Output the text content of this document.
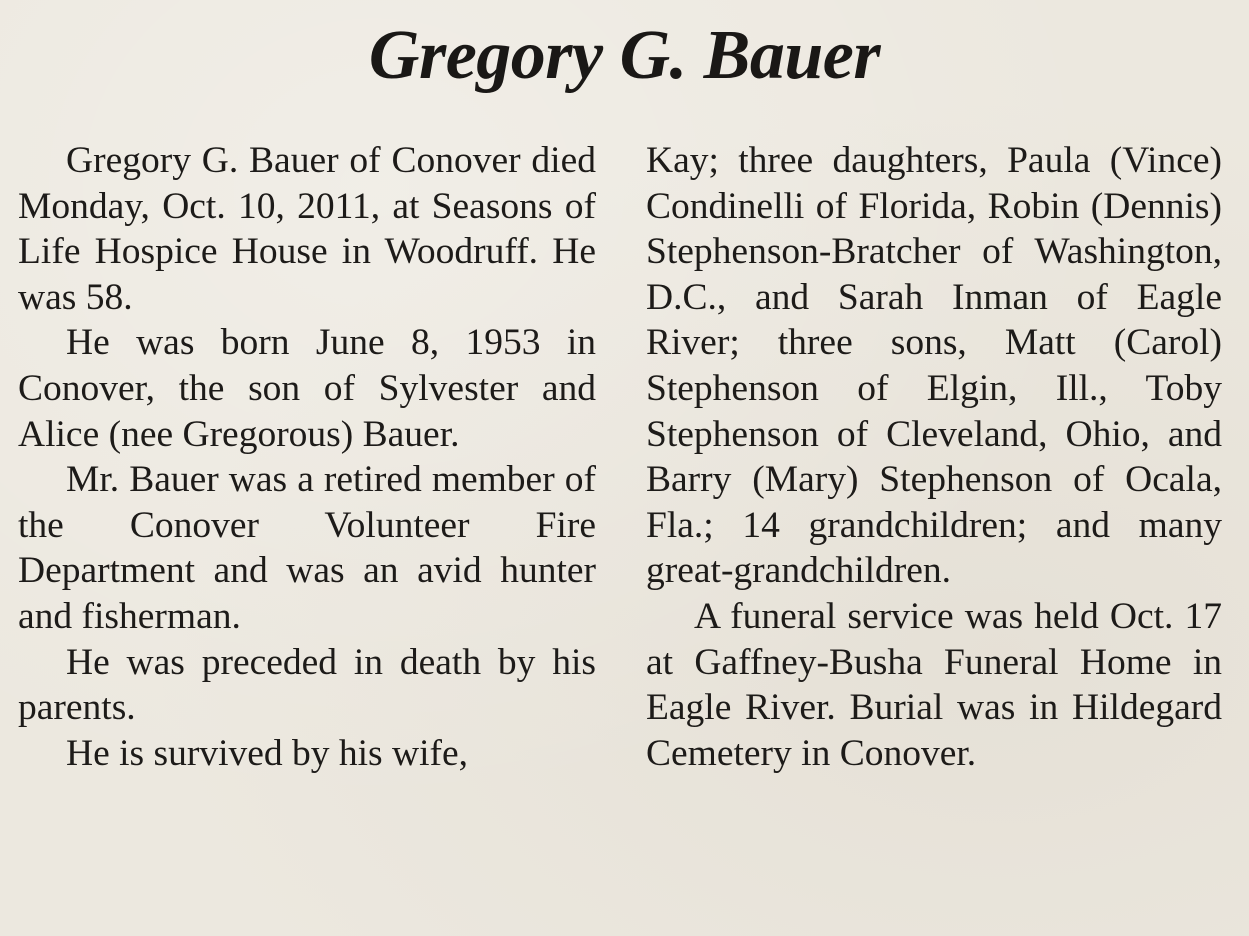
Gregory G. Bauer

Gregory G. Bauer of Conover died Monday, Oct. 10, 2011, at Seasons of Life Hospice House in Woodruff. He was 58.

He was born June 8, 1953 in Conover, the son of Sylvester and Alice (nee Gregorous) Bauer.

Mr. Bauer was a retired member of the Conover Volunteer Fire Department and was an avid hunter and fisherman.

He was preceded in death by his parents.

He is survived by his wife,

Kay; three daughters, Paula (Vince) Condinelli of Florida, Robin (Dennis) Stephenson-Bratcher of Washington, D.C., and Sarah Inman of Eagle River; three sons, Matt (Carol) Stephenson of Elgin, Ill., Toby Stephenson of Cleveland, Ohio, and Barry (Mary) Stephenson of Ocala, Fla.; 14 grandchildren; and many great-grandchildren.

A funeral service was held Oct. 17 at Gaffney-Busha Funeral Home in Eagle River. Burial was in Hildegard Cemetery in Conover.
